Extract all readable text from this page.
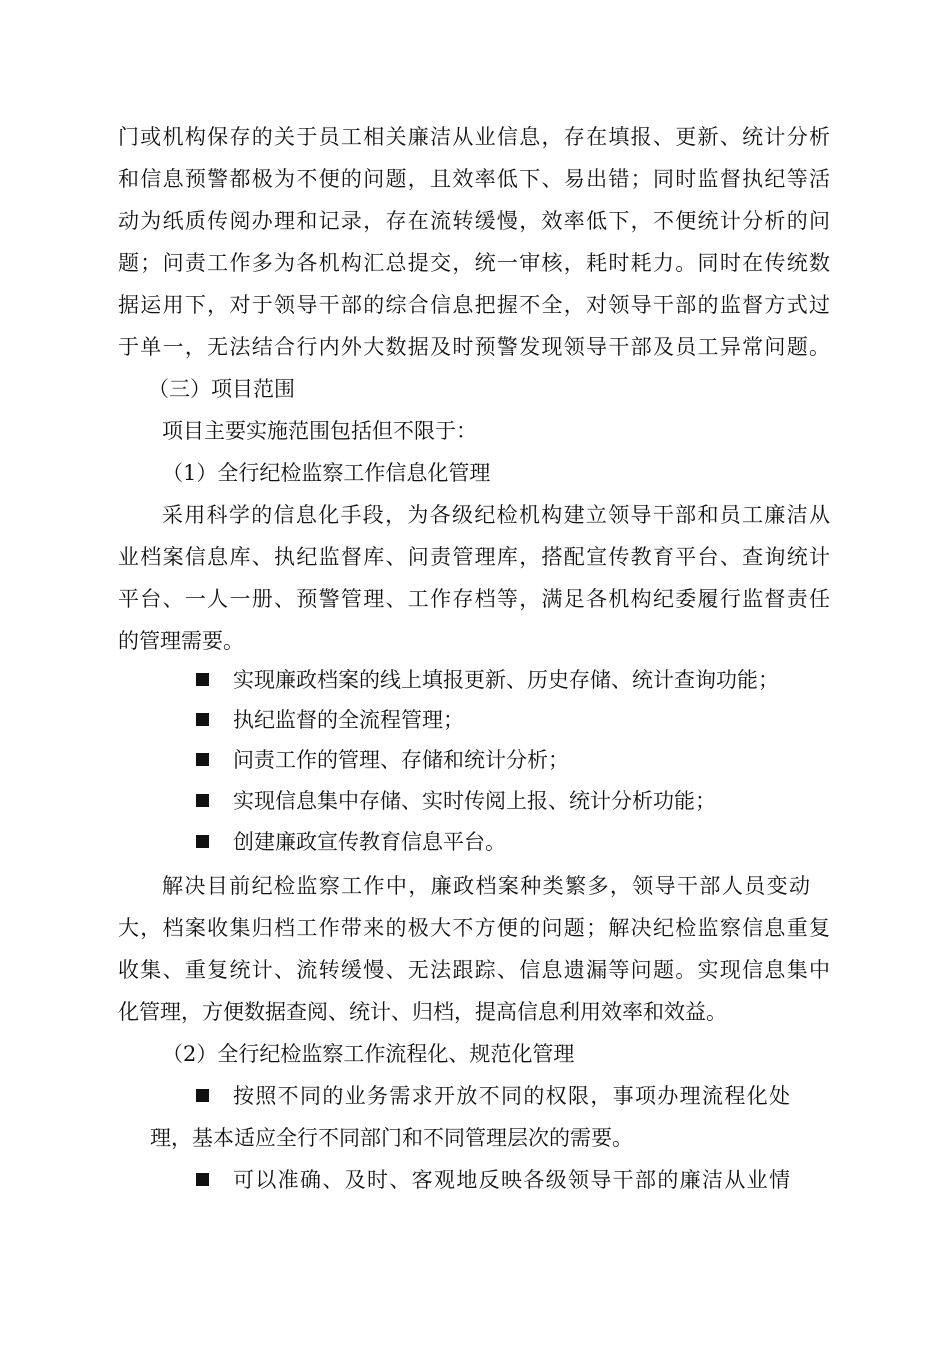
门或机构保存的关于员工相关廉洁从业信息，存在填报、更新、统计分析

和信息预警都极为不便的问题，且效率低下、易出错；同时监督执纪等活

动为纸质传阅办理和记录，存在流转缓慢，效率低下，不便统计分析的问

题；问责工作多为各机构汇总提交，统一审核，耗时耗力。同时在传统数

据运用下，对于领导干部的综合信息把握不全，对领导干部的监督方式过

于单一，无法结合行内外大数据及时预警发现领导干部及员工异常问题。

（三）项目范围

项目主要实施范围包括但不限于：

（1）全行纪检监察工作信息化管理

采用科学的信息化手段，为各级纪检机构建立领导干部和员工廉洁从

业档案信息库、执纪监督库、问责管理库，搭配宣传教育平台、查询统计

平台、一人一册、预警管理、工作存档等，满足各机构纪委履行监督责任

的管理需要。

实现廉政档案的线上填报更新、历史存储、统计查询功能；

执纪监督的全流程管理；

问责工作的管理、存储和统计分析；

实现信息集中存储、实时传阅上报、统计分析功能；

创建廉政宣传教育信息平台。

解决目前纪检监察工作中，廉政档案种类繁多，领导干部人员变动

大，档案收集归档工作带来的极大不方便的问题；解决纪检监察信息重复

收集、重复统计、流转缓慢、无法跟踪、信息遗漏等问题。实现信息集中

化管理，方便数据查阅、统计、归档，提高信息利用效率和效益。

（2）全行纪检监察工作流程化、规范化管理

按照不同的业务需求开放不同的权限，事项办理流程化处

理，基本适应全行不同部门和不同管理层次的需要。

可以准确、及时、客观地反映各级领导干部的廉洁从业情
